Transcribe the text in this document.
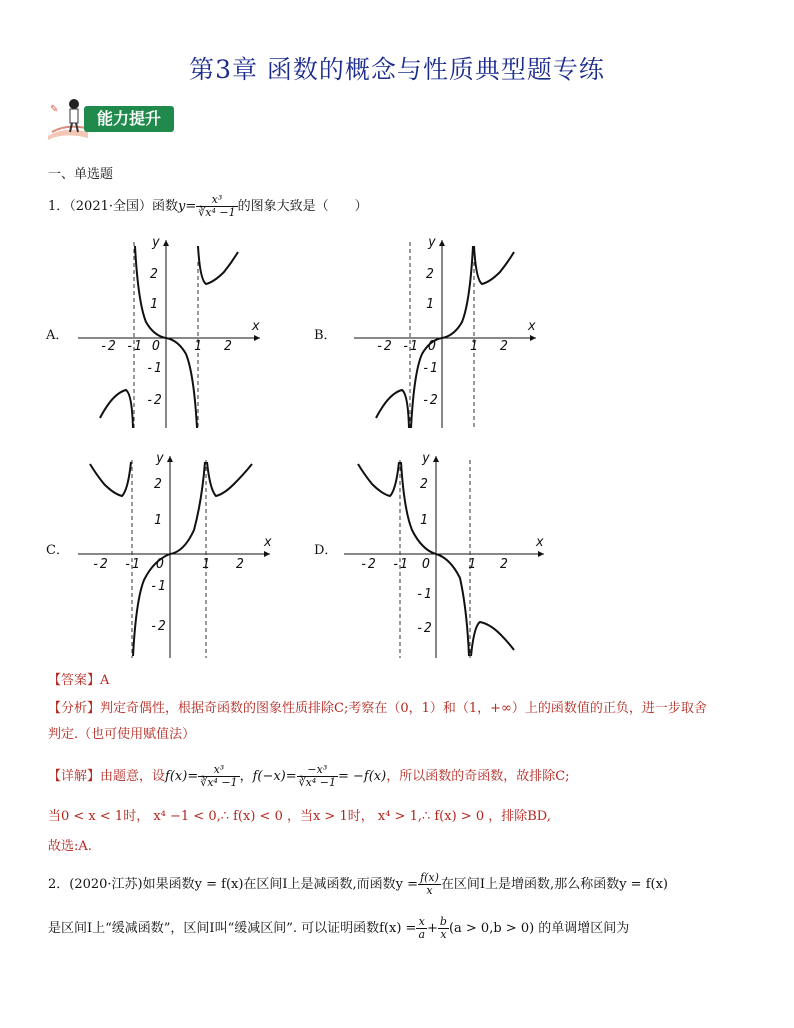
第3章 函数的概念与性质典型题专练
✎	能力提升
一、单选题
1．（2021·全国）函数$y= \frac{\text{x³}}{\text{∛x⁴ −1}}$ 的图象大致是（　　）
A．	B．
C．	D．
-2 -1	1 2
2
1
-1
-2
O
x
y
-2 -1	1 2
2
1
-1
-2
O
x
y
-2 -1	1 2
2
1
-1
-2
O
x
y
-2 -1	1 2
2
1
-1
-2
O
x
y
【答案】A
【分析】判定奇偶性，根据奇函数的图象性质排除C;考察在（0，1）和（1，+∞）上的函数值的正负，进一步取舍
判定.（也可使用赋值法）
【详解】由题意，设$f(x)= \frac{\text{x³}}{\text{∛x⁴ −1}}$ ，$f(-x)= \frac{\text{−x³}}{\text{∛x⁴ −1}} = -f(x)$，所以函数的奇函数，故排除C;
当0 < x < 1时， x⁴ −1 < 0,∴ f(x) < 0 ，当x > 1时， x⁴ > 1,∴ f(x) > 0 ，排除BD,
故选:A.
2．(2020·江苏)如果函数y = f(x)在区间I上是减函数,而函数$y = \frac{f(x)}{x}$ 在区间I上是增函数,那么称函数y = f(x)
是区间I上“缓减函数”，区间I叫“缓减区间”. 可以证明函数$f(x) = \frac{x}{a} + \frac{b}{x} (a > 0,b > 0)$ 的单调增区间为
